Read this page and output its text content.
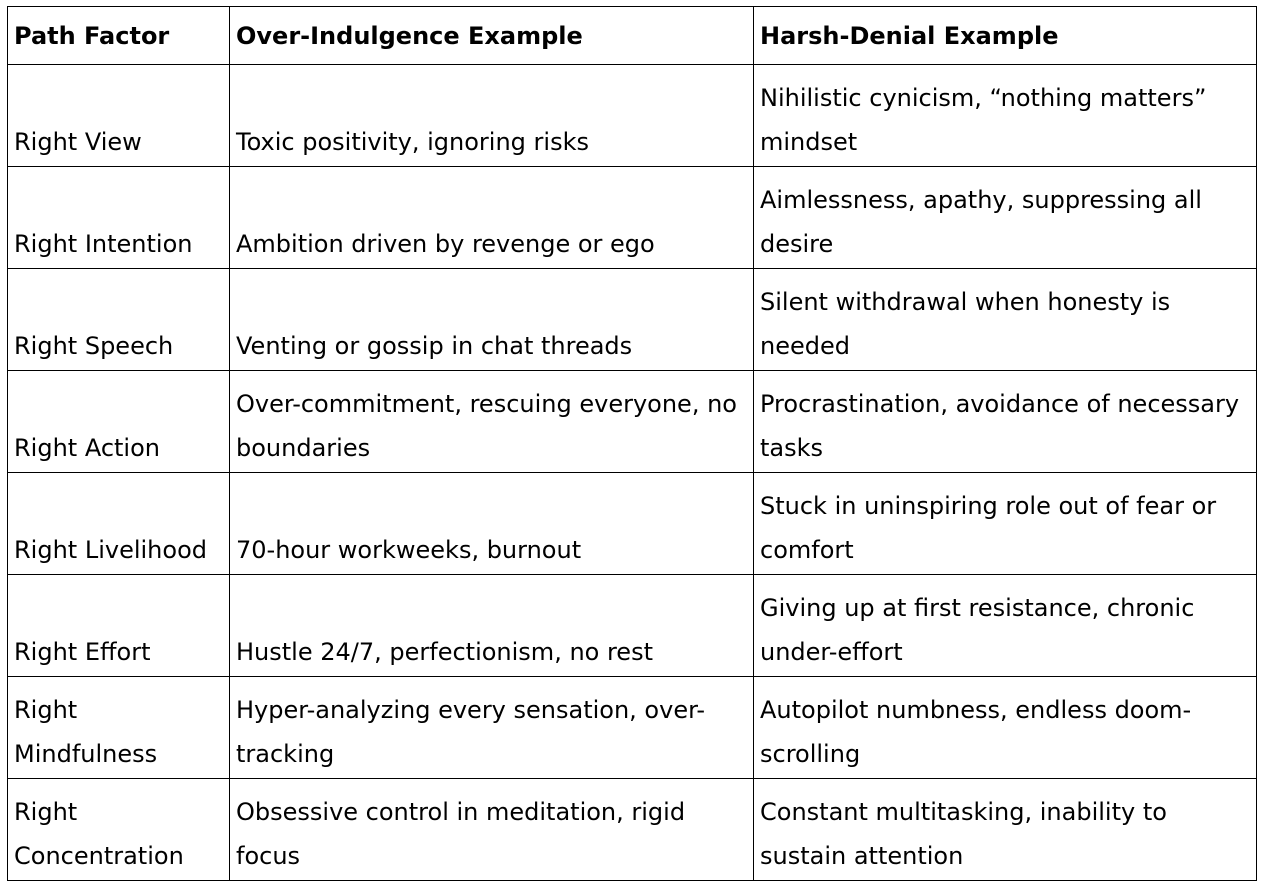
Path Factor	Over-Indulgence Example	Harsh-Denial Example
Right View	Toxic positivity, ignoring risks	Nihilistic cynicism, “nothing matters” mindset
Right Intention	Ambition driven by revenge or ego	Aimlessness, apathy, suppressing all desire
Right Speech	Venting or gossip in chat threads	Silent withdrawal when honesty is needed
Right Action	Over-commitment, rescuing everyone, no boundaries	Procrastination, avoidance of necessary tasks
Right Livelihood	70-hour workweeks, burnout	Stuck in uninspiring role out of fear or comfort
Right Effort	Hustle 24/7, perfectionism, no rest	Giving up at first resistance, chronic under-effort
Right Mindfulness	Hyper-analyzing every sensation, over-tracking	Autopilot numbness, endless doom-scrolling
Right Concentration	Obsessive control in meditation, rigid focus	Constant multitasking, inability to sustain attention
